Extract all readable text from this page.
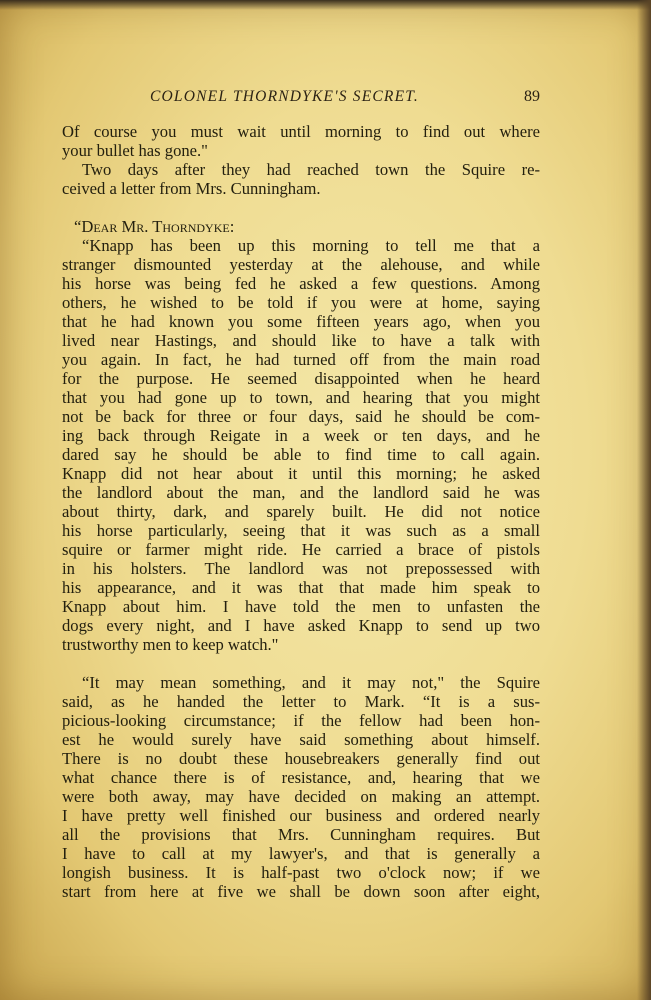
COLONEL THORNDYKE'S SECRET.	89
Of course you must wait until morning to find out where
your bullet has gone."
Two days after they had reached town the Squire re-
ceived a letter from Mrs. Cunningham.
“Dear Mr. Thorndyke:
“Knapp has been up this morning to tell me that a
stranger dismounted yesterday at the alehouse, and while
his horse was being fed he asked a few questions. Among
others, he wished to be told if you were at home, saying
that he had known you some fifteen years ago, when you
lived near Hastings, and should like to have a talk with
you again. In fact, he had turned off from the main road
for the purpose. He seemed disappointed when he heard
that you had gone up to town, and hearing that you might
not be back for three or four days, said he should be com-
ing back through Reigate in a week or ten days, and he
dared say he should be able to find time to call again.
Knapp did not hear about it until this morning; he asked
the landlord about the man, and the landlord said he was
about thirty, dark, and sparely built. He did not notice
his horse particularly, seeing that it was such as a small
squire or farmer might ride. He carried a brace of pistols
in his holsters. The landlord was not prepossessed with
his appearance, and it was that that made him speak to
Knapp about him. I have told the men to unfasten the
dogs every night, and I have asked Knapp to send up two
trustworthy men to keep watch."
“It may mean something, and it may not," the Squire
said, as he handed the letter to Mark. “It is a sus-
picious-looking circumstance; if the fellow had been hon-
est he would surely have said something about himself.
There is no doubt these housebreakers generally find out
what chance there is of resistance, and, hearing that we
were both away, may have decided on making an attempt.
I have pretty well finished our business and ordered nearly
all the provisions that Mrs. Cunningham requires. But
I have to call at my lawyer's, and that is generally a
longish business. It is half-past two o'clock now; if we
start from here at five we shall be down soon after eight,
